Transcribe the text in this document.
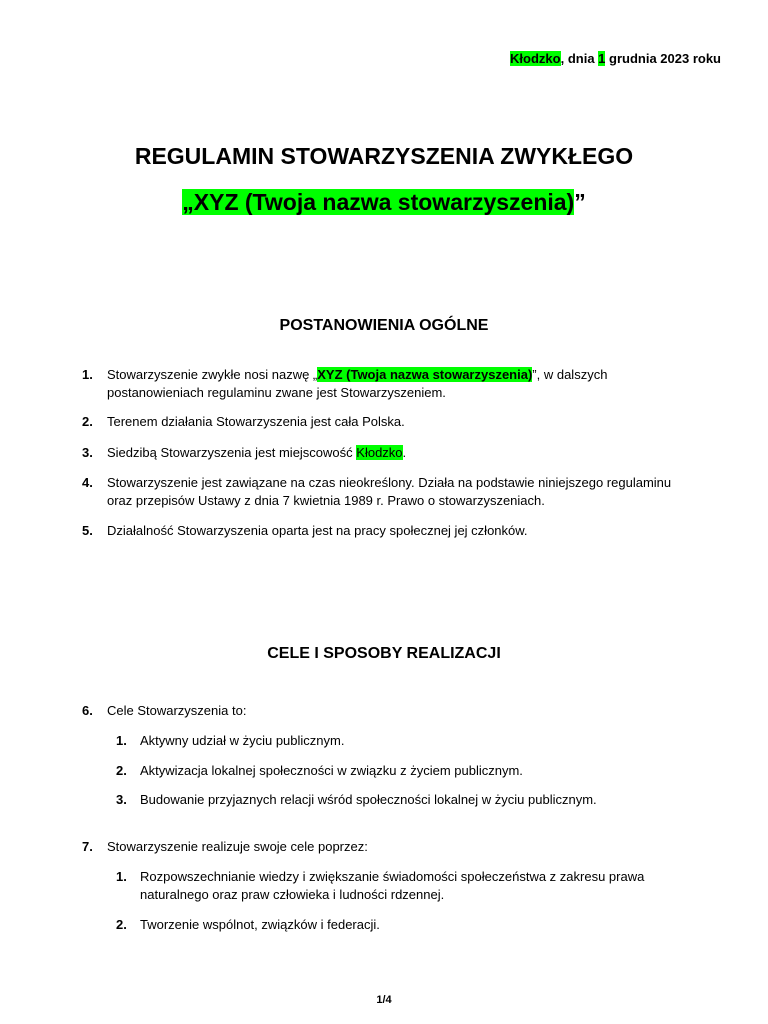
Kłodzko, dnia 1 grudnia 2023 roku
REGULAMIN STOWARZYSZENIA ZWYKŁEGO
„XYZ (Twoja nazwa stowarzyszenia)”
POSTANOWIENIA OGÓLNE
1. Stowarzyszenie zwykłe nosi nazwę „XYZ (Twoja nazwa stowarzyszenia)”, w dalszych
postanowieniach regulaminu zwane jest Stowarzyszeniem.
2. Terenem działania Stowarzyszenia jest cała Polska.
3. Siedzibą Stowarzyszenia jest miejscowość Kłodzko.
4. Stowarzyszenie jest zawiązane na czas nieokreślony. Działa na podstawie niniejszego regulaminu
oraz przepisów Ustawy z dnia 7 kwietnia 1989 r. Prawo o stowarzyszeniach.
5. Działalność Stowarzyszenia oparta jest na pracy społecznej jej członków.
CELE I SPOSOBY REALIZACJI
6. Cele Stowarzyszenia to:
1. Aktywny udział w życiu publicznym.
2. Aktywizacja lokalnej społeczności w związku z życiem publicznym.
3. Budowanie przyjaznych relacji wśród społeczności lokalnej w życiu publicznym.
7. Stowarzyszenie realizuje swoje cele poprzez:
1. Rozpowszechnianie wiedzy i zwiększanie świadomości społeczeństwa z zakresu prawa
naturalnego oraz praw człowieka i ludności rdzennej.
2. Tworzenie wspólnot, związków i federacji.
1/4
